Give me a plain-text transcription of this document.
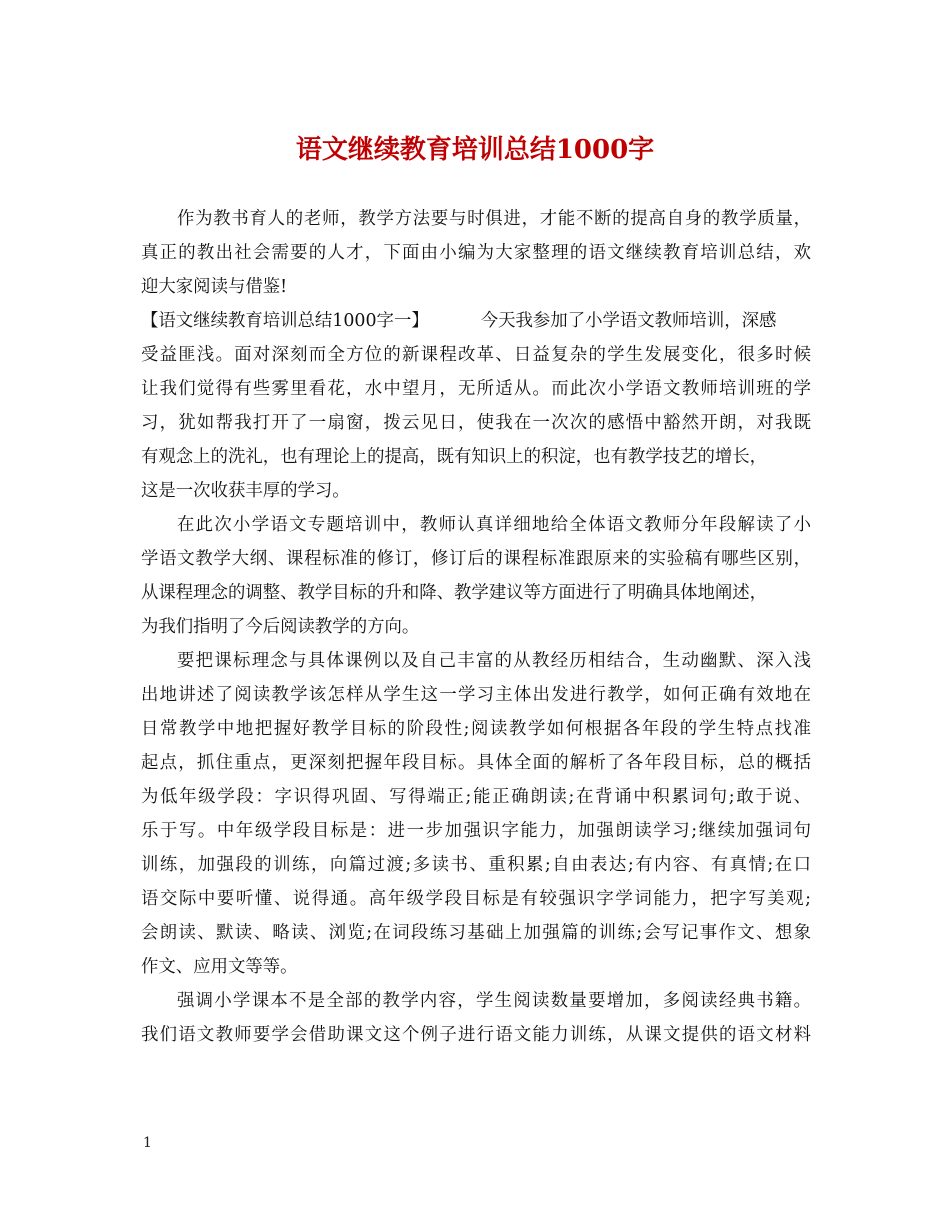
语文继续教育培训总结1000字
作为教书育人的老师，教学方法要与时俱进，才能不断的提高自身的教学质量，
真正的教出社会需要的人才，下面由小编为大家整理的语文继续教育培训总结，欢
迎大家阅读与借鉴!
【语文继续教育培训总结1000字一】	今天我参加了小学语文教师培训，深感
受益匪浅。面对深刻而全方位的新课程改革、日益复杂的学生发展变化，很多时候
让我们觉得有些雾里看花，水中望月，无所适从。而此次小学语文教师培训班的学
习，犹如帮我打开了一扇窗，拨云见日，使我在一次次的感悟中豁然开朗，对我既
有观念上的洗礼，也有理论上的提高，既有知识上的积淀，也有教学技艺的增长，
这是一次收获丰厚的学习。
在此次小学语文专题培训中，教师认真详细地给全体语文教师分年段解读了小
学语文教学大纲、课程标准的修订，修订后的课程标准跟原来的实验稿有哪些区别，
从课程理念的调整、教学目标的升和降、教学建议等方面进行了明确具体地阐述，
为我们指明了今后阅读教学的方向。
要把课标理念与具体课例以及自己丰富的从教经历相结合，生动幽默、深入浅
出地讲述了阅读教学该怎样从学生这一学习主体出发进行教学，如何正确有效地在
日常教学中地把握好教学目标的阶段性;阅读教学如何根据各年段的学生特点找准
起点，抓住重点，更深刻把握年段目标。具体全面的解析了各年段目标，总的概括
为低年级学段：字识得巩固、写得端正;能正确朗读;在背诵中积累词句;敢于说、
乐于写。中年级学段目标是：进一步加强识字能力，加强朗读学习;继续加强词句
训练，加强段的训练，向篇过渡;多读书、重积累;自由表达;有内容、有真情;在口
语交际中要听懂、说得通。高年级学段目标是有较强识字学词能力，把字写美观;
会朗读、默读、略读、浏览;在词段练习基础上加强篇的训练;会写记事作文、想象
作文、应用文等等。
强调小学课本不是全部的教学内容，学生阅读数量要增加，多阅读经典书籍。
我们语文教师要学会借助课文这个例子进行语文能力训练，从课文提供的语文材料
1
